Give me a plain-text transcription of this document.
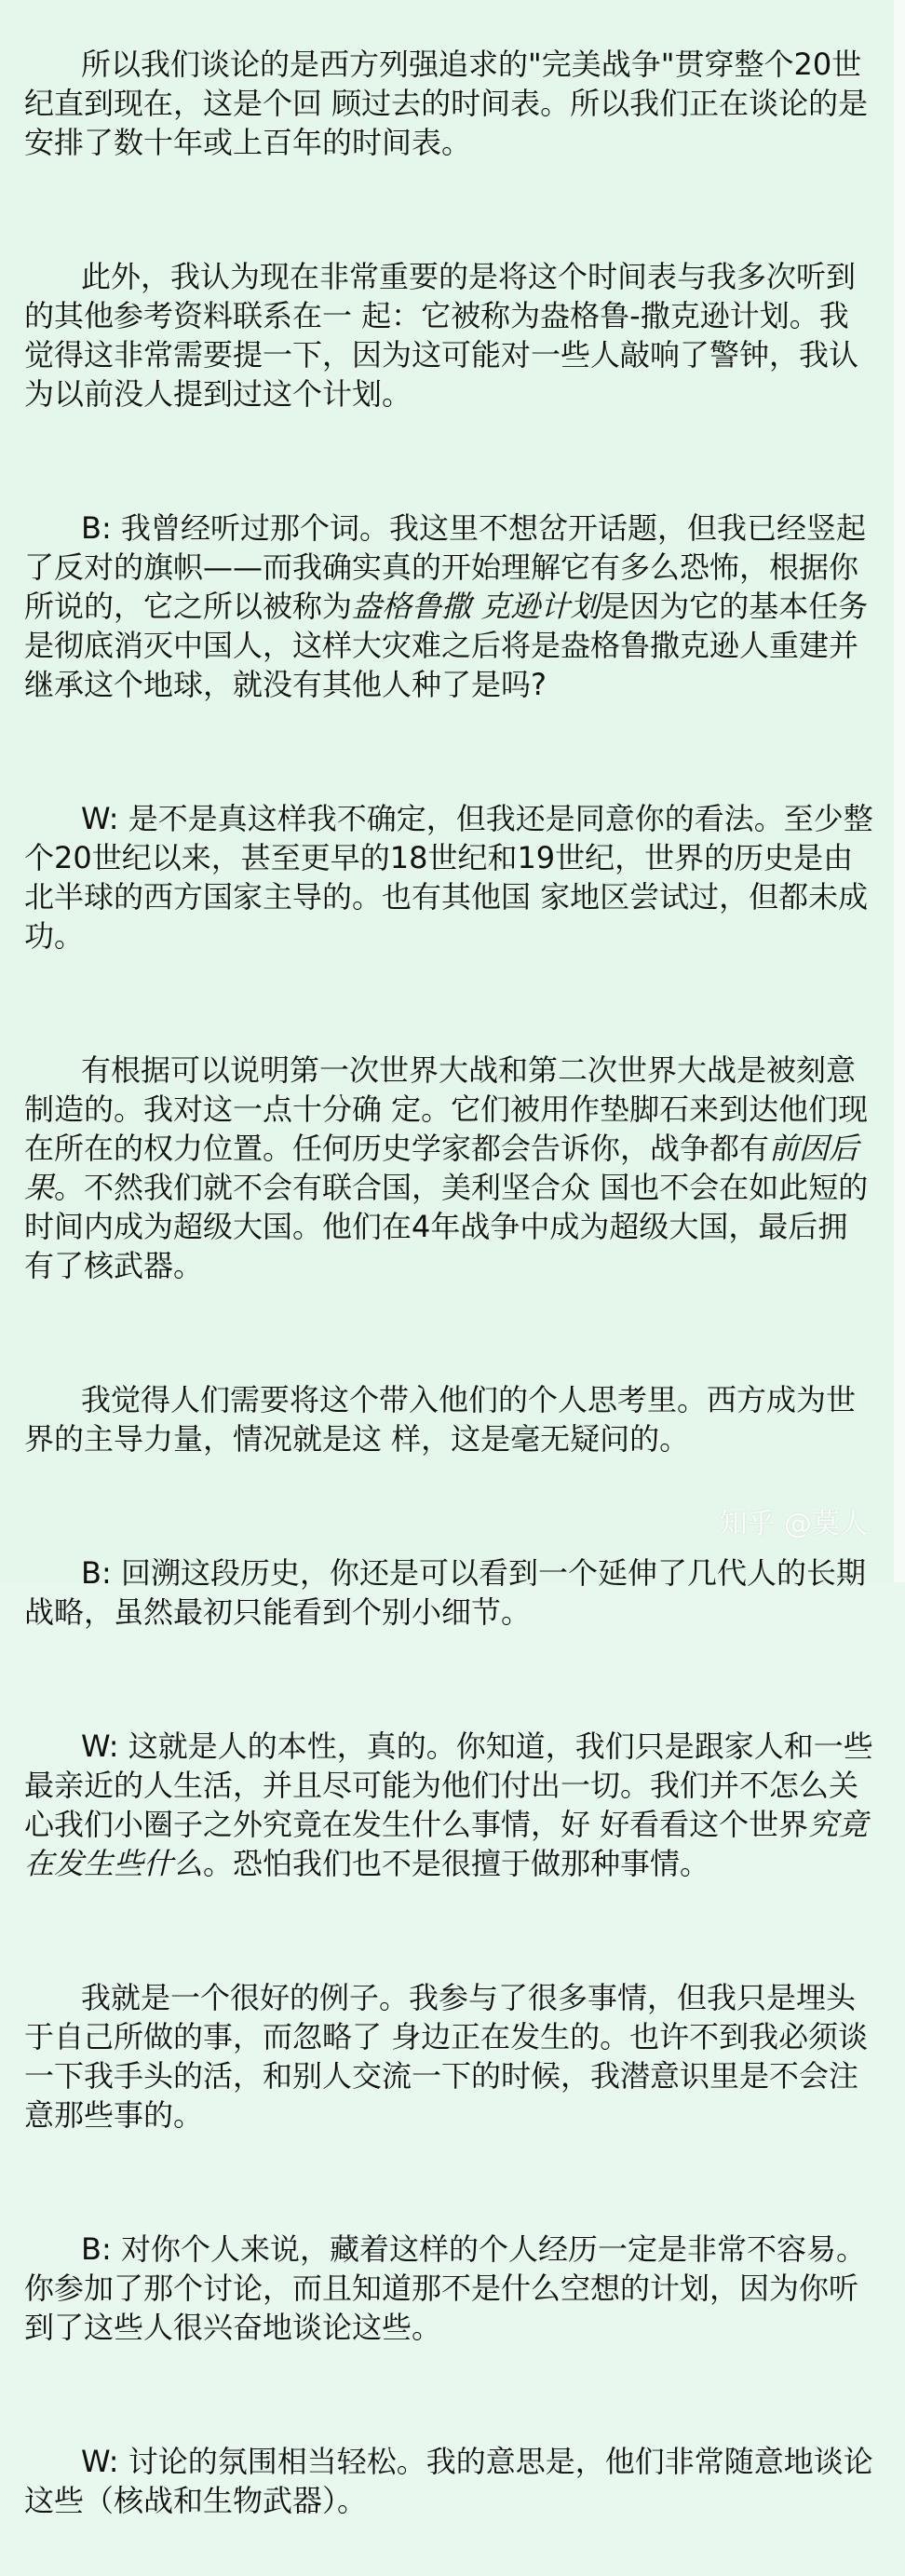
所以我们谈论的是西方列强追求的"完美战争"贯穿整个20世纪直到现在，这是个回 顾过去的时间表。所以我们正在谈论的是安排了数十年或上百年的时间表。

此外，我认为现在非常重要的是将这个时间表与我多次听到的其他参考资料联系在一 起：它被称为盎格鲁-撒克逊计划。我觉得这非常需要提一下，因为这可能对一些人敲响了警钟，我认为以前没人提到过这个计划。

B: 我曾经听过那个词。我这里不想岔开话题，但我已经竖起了反对的旗帜——而我确实真的开始理解它有多么恐怖，根据你所说的，它之所以被称为盎格鲁撒 克逊计划是因为它的基本任务是彻底消灭中国人，这样大灾难之后将是盎格鲁撒克逊人重建并继承这个地球，就没有其他人种了是吗?

W: 是不是真这样我不确定，但我还是同意你的看法。至少整个20世纪以来，甚至更早的18世纪和19世纪，世界的历史是由北半球的西方国家主导的。也有其他国 家地区尝试过，但都未成功。

有根据可以说明第一次世界大战和第二次世界大战是被刻意制造的。我对这一点十分确 定。它们被用作垫脚石来到达他们现在所在的权力位置。任何历史学家都会告诉你，战争都有前因后果。不然我们就不会有联合国，美利坚合众 国也不会在如此短的时间内成为超级大国。他们在4年战争中成为超级大国，最后拥有了核武器。

我觉得人们需要将这个带入他们的个人思考里。西方成为世界的主导力量，情况就是这 样，这是毫无疑问的。

B: 回溯这段历史，你还是可以看到一个延伸了几代人的长期战略，虽然最初只能看到个别小细节。

W: 这就是人的本性，真的。你知道，我们只是跟家人和一些最亲近的人生活，并且尽可能为他们付出一切。我们并不怎么关心我们小圈子之外究竟在发生什么事情，好 好看看这个世界究竟在发生些什么。恐怕我们也不是很擅于做那种事情。

我就是一个很好的例子。我参与了很多事情，但我只是埋头于自己所做的事，而忽略了 身边正在发生的。也许不到我必须谈一下我手头的活，和别人交流一下的时候，我潜意识里是不会注意那些事的。

B: 对你个人来说，藏着这样的个人经历一定是非常不容易。你参加了那个讨论，而且知道那不是什么空想的计划，因为你听到了这些人很兴奋地谈论这些。

W: 讨论的氛围相当轻松。我的意思是，他们非常随意地谈论这些（核战和生物武器）。

知乎 @莫人
